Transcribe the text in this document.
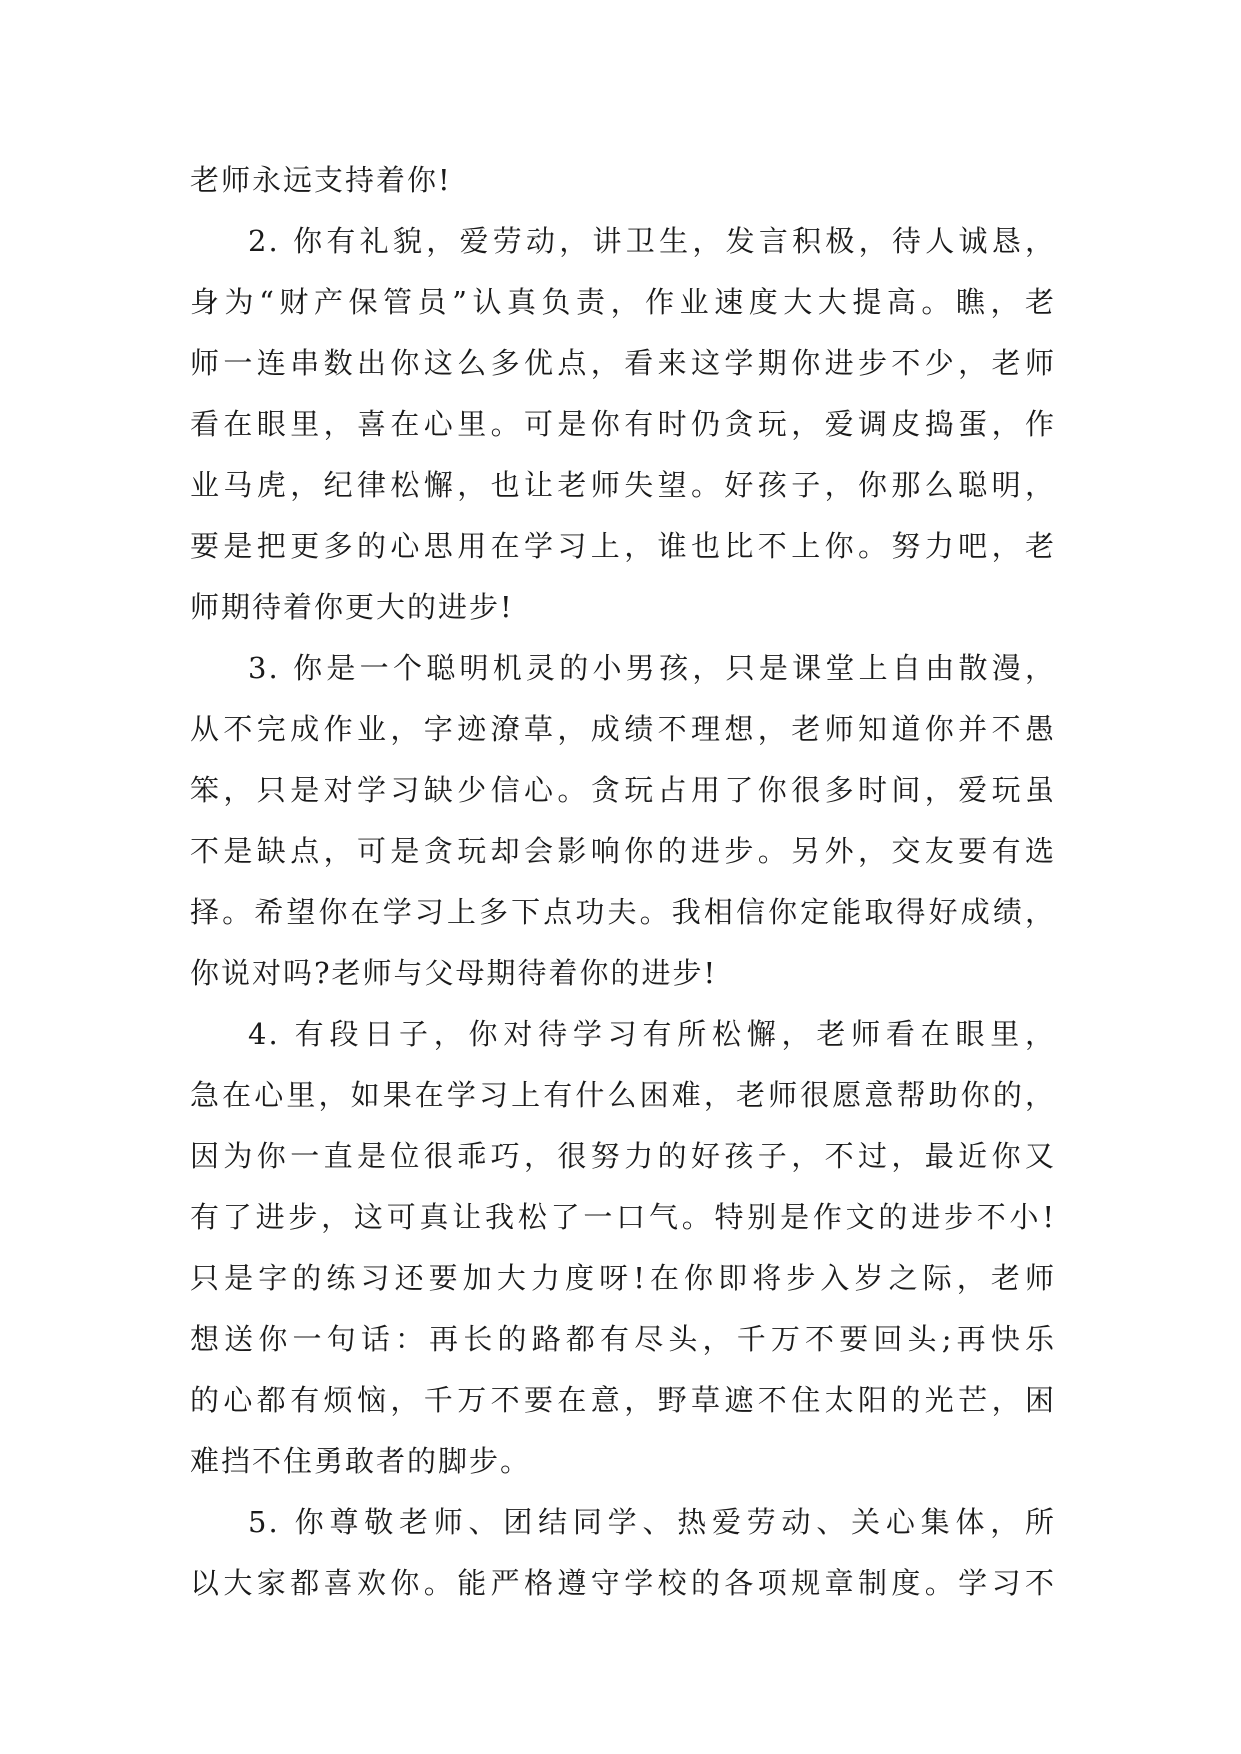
老师永远支持着你!
2. 你有礼貌，爱劳动，讲卫生，发言积极，待人诚恳，
身为“财产保管员”认真负责，作业速度大大提高。瞧，老
师一连串数出你这么多优点，看来这学期你进步不少，老师
看在眼里，喜在心里。可是你有时仍贪玩，爱调皮捣蛋，作
业马虎，纪律松懈，也让老师失望。好孩子，你那么聪明，
要是把更多的心思用在学习上，谁也比不上你。努力吧，老
师期待着你更大的进步!
3. 你是一个聪明机灵的小男孩，只是课堂上自由散漫，
从不完成作业，字迹潦草，成绩不理想，老师知道你并不愚
笨，只是对学习缺少信心。贪玩占用了你很多时间，爱玩虽
不是缺点，可是贪玩却会影响你的进步。另外，交友要有选
择。希望你在学习上多下点功夫。我相信你定能取得好成绩，
你说对吗?老师与父母期待着你的进步!
4. 有段日子，你对待学习有所松懈，老师看在眼里，
急在心里，如果在学习上有什么困难，老师很愿意帮助你的，
因为你一直是位很乖巧，很努力的好孩子，不过，最近你又
有了进步，这可真让我松了一口气。特别是作文的进步不小!
只是字的练习还要加大力度呀!在你即将步入岁之际，老师
想送你一句话：再长的路都有尽头，千万不要回头;再快乐
的心都有烦恼，千万不要在意，野草遮不住太阳的光芒，困
难挡不住勇敢者的脚步。
5. 你尊敬老师、团结同学、热爱劳动、关心集体，所
以大家都喜欢你。能严格遵守学校的各项规章制度。学习不
